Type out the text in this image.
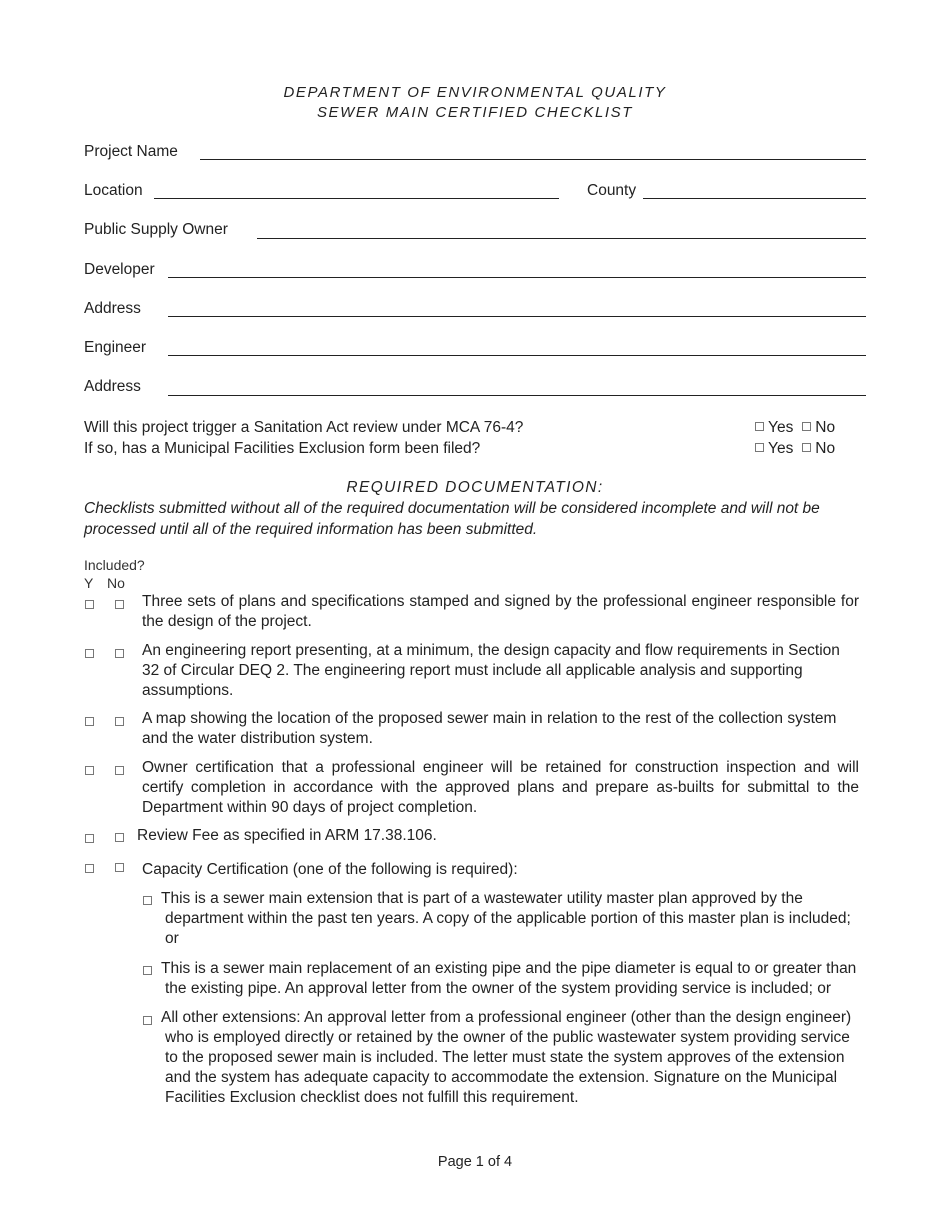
DEPARTMENT OF ENVIRONMENTAL QUALITY
SEWER MAIN CERTIFIED CHECKLIST
Project Name
Location	County
Public Supply Owner
Developer
Address
Engineer
Address
Will this project trigger a Sanitation Act review under MCA 76-4?	Yes No
If so, has a Municipal Facilities Exclusion form been filed?	Yes No
REQUIRED DOCUMENTATION:
Checklists submitted without all of the required documentation will be considered incomplete and will not be processed until all of the required information has been submitted.
Included?
Y No
Three sets of plans and specifications stamped and signed by the professional engineer responsible for the design of the project.
An engineering report presenting, at a minimum, the design capacity and flow requirements in Section 32 of Circular DEQ 2. The engineering report must include all applicable analysis and supporting assumptions.
A map showing the location of the proposed sewer main in relation to the rest of the collection system and the water distribution system.
Owner certification that a professional engineer will be retained for construction inspection and will certify completion in accordance with the approved plans and prepare as-builts for submittal to the Department within 90 days of project completion.
Review Fee as specified in ARM 17.38.106.
Capacity Certification (one of the following is required):
This is a sewer main extension that is part of a wastewater utility master plan approved by the department within the past ten years. A copy of the applicable portion of this master plan is included; or
This is a sewer main replacement of an existing pipe and the pipe diameter is equal to or greater than the existing pipe. An approval letter from the owner of the system providing service is included; or
All other extensions: An approval letter from a professional engineer (other than the design engineer) who is employed directly or retained by the owner of the public wastewater system providing service to the proposed sewer main is included. The letter must state the system approves of the extension and the system has adequate capacity to accommodate the extension. Signature on the Municipal Facilities Exclusion checklist does not fulfill this requirement.
Page 1 of 4
